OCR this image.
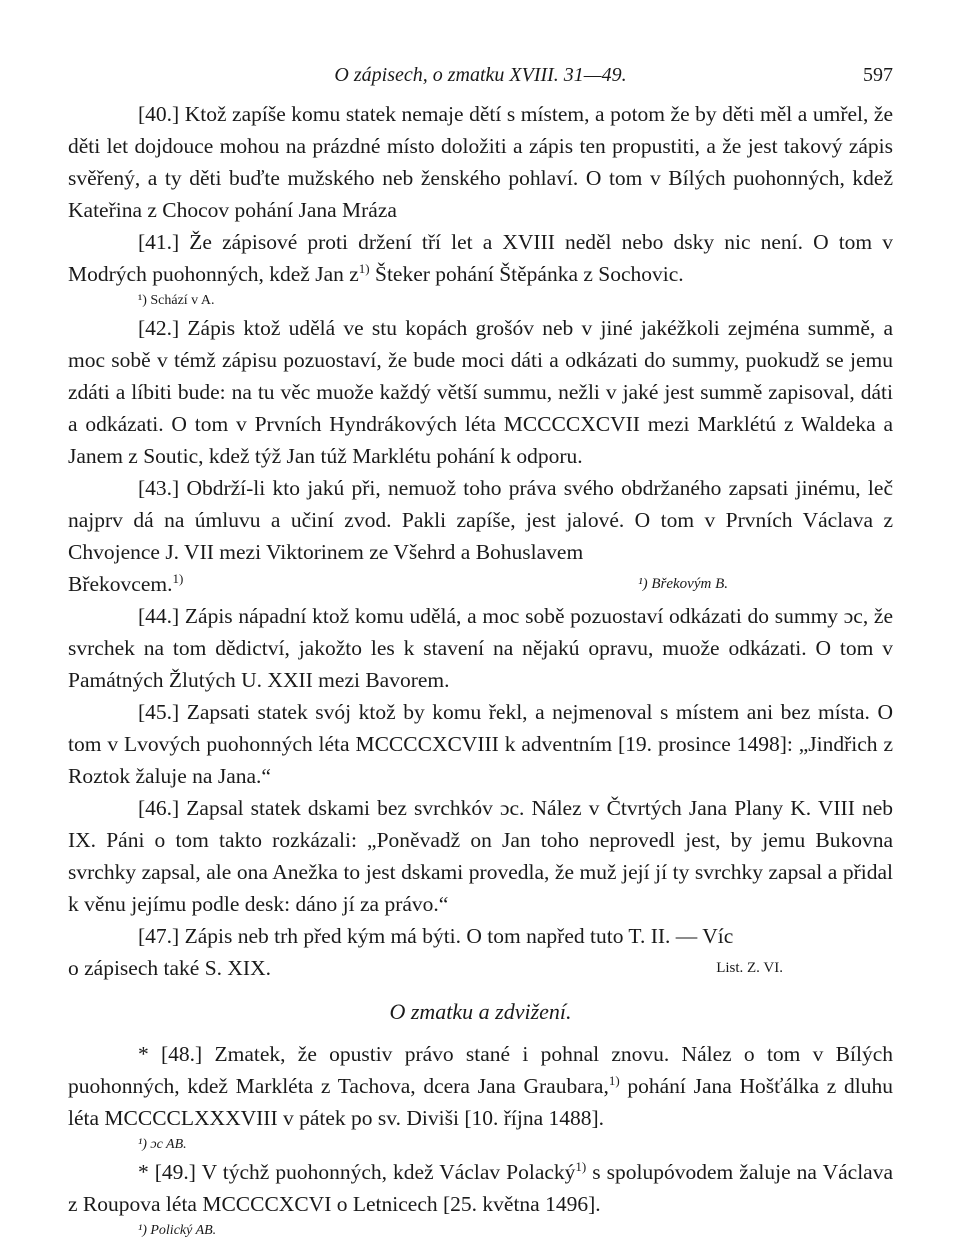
O zápisech, o zmatku XVIII. 31—49.	597

[40.] Ktož zapíše komu statek nemaje dětí s místem, a potom že by děti měl a umřel, že děti let dojdouce mohou na prázdné místo doložiti a zápis ten propustiti, a že jest takový zápis svěřený, a ty děti buďte mužského neb ženského pohlaví. O tom v Bílých puohonných, kdež Kateřina z Chocov pohání Jana Mráza

[41.] Že zápisové proti držení tří let a XVIII neděl nebo dsky nic není. O tom v Modrých puohonných, kdež Jan $z^{1)}$ Šteker pohání Štěpánka z Sochovic.

¹) Schází v A.

[42.] Zápis ktož udělá ve stu kopách grošóv neb v jiné jakéžkoli zejména summě, a moc sobě v témž zápisu pozuostaví, že bude moci dáti a odkázati do summy, puokudž se jemu zdáti a líbiti bude: na tu věc muože každý větší summu, nežli v jaké jest summě zapisoval, dáti a odkázati. O tom v Prvních Hyndrákových léta MCCCCXCVII mezi Marklétú z Waldeka a Janem z Soutic, kdež týž Jan túž Marklétu pohání k odporu.

[43.] Obdrží-li kto jakú při, nemuož toho práva svého obdržaného zapsati jinému, leč najprv dá na úmluvu a učiní zvod. Pakli zapíše, jest jalové. O tom v Prvních Václava z Chvojence J. VII mezi Viktorinem ze Všehrd a Bohuslavem

Břekovcem.$^{1)}$	¹) Břekovým B.

[44.] Zápis nápadní ktož komu udělá, a moc sobě pozuostaví odkázati do summy ɔc, že svrchek na tom dědictví, jakožto les k stavení na nějakú opravu, muože odkázati. O tom v Památných Žlutých U. XXII mezi Bavorem.

[45.] Zapsati statek svój ktož by komu řekl, a nejmenoval s místem ani bez místa. O tom v Lvových puohonných léta MCCCCXCVIII k adventním [19. prosince 1498]: „Jindřich z Roztok žaluje na Jana.“

[46.] Zapsal statek dskami bez svrchkóv ɔc. Nález v Čtvrtých Jana Plany K. VIII neb IX. Páni o tom takto rozkázali: „Poněvadž on Jan toho neprovedl jest, by jemu Bukovna svrchky zapsal, ale ona Anežka to jest dskami provedla, že muž její jí ty svrchky zapsal a přidal k věnu jejímu podle desk: dáno jí za právo.“

[47.] Zápis neb trh před kým má býti. O tom napřed tuto T. II. — Víc

o zápisech také S. XIX.	List. Z. VI.
O zmatku a zdvižení.

* [48.] Zmatek, že opustiv právo stané i pohnal znovu. Nález o tom v Bílých puohonných, kdež Markléta z Tachova, dcera Jana Graubara,$^{1)}$ pohání Jana Hošťálka z dluhu léta MCCCCLXXXVIII v pátek po sv. Diviši [10. října 1488].

¹) ɔc AB.

* [49.] V týchž puohonných, kdež Václav Polacký$^{1)}$ s spolupóvodem žaluje na Václava z Roupova léta MCCCCXCVI o Letnicech [25. května 1496].

¹) Polický AB.
